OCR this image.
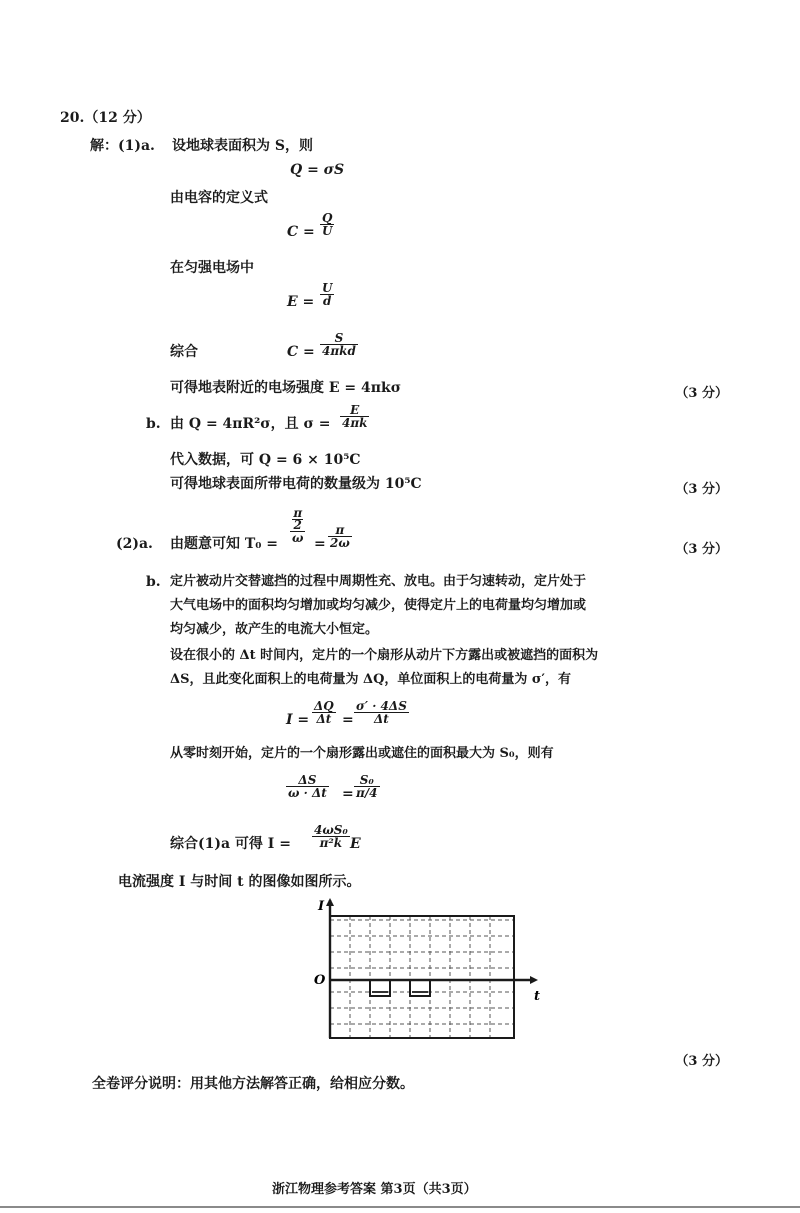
20.（12 分）
解：(1)a. 设地球表面积为 S，则
Q = σS
由电容的定义式
$C = \frac{Q}{U}$
在匀强电场中
$E = \frac{U}{d}$
综合	C =
S
4πkd
可得地表附近的电场强度 E = 4πkσ	（3 分）
b. 由 Q = 4πR²σ，且 $\sigma = \frac{E}{4\pi k}$
代入数据，可 Q = 6 × 10⁵C
可得地球表面所带电荷的数量级为 10⁵C	（3 分）
(2)a. 由题意可知 T₀ = π
2
$\omega = \frac{\pi}{2\omega}$
（3 分）
b. 定片被动片交替遮挡的过程中周期性充、放电。由于匀速转动，定片处于
大气电场中的面积均匀增加或均匀减少，使得定片上的电荷量均匀增加或
均匀减少，故产生的电流大小恒定。
设在很小的 Δt 时间内，定片的一个扇形从动片下方露出或被遮挡的面积为
ΔS，且此变化面积上的电荷量为 ΔQ，单位面积上的电荷量为 σ′，有
$I = \frac{\Delta Q}{\Delta t} = \frac{\sigma' \cdot 4\Delta S}{\Delta t}$
从零时刻开始，定片的一个扇形露出或遮住的面积最大为 S₀，则有
$\frac{\Delta S}{\omega \cdot \Delta t} = \frac{\text{S₀}}{\pi/4}$
综合(1)a 可得 $I = \frac{\text{4ωS₀}}{\text{π²k}}$ E
电流强度 I 与时间 t 的图像如图所示。
I
O
t
（3 分）
全卷评分说明：用其他方法解答正确，给相应分数。
浙江物理参考答案 第3页（共3页）
